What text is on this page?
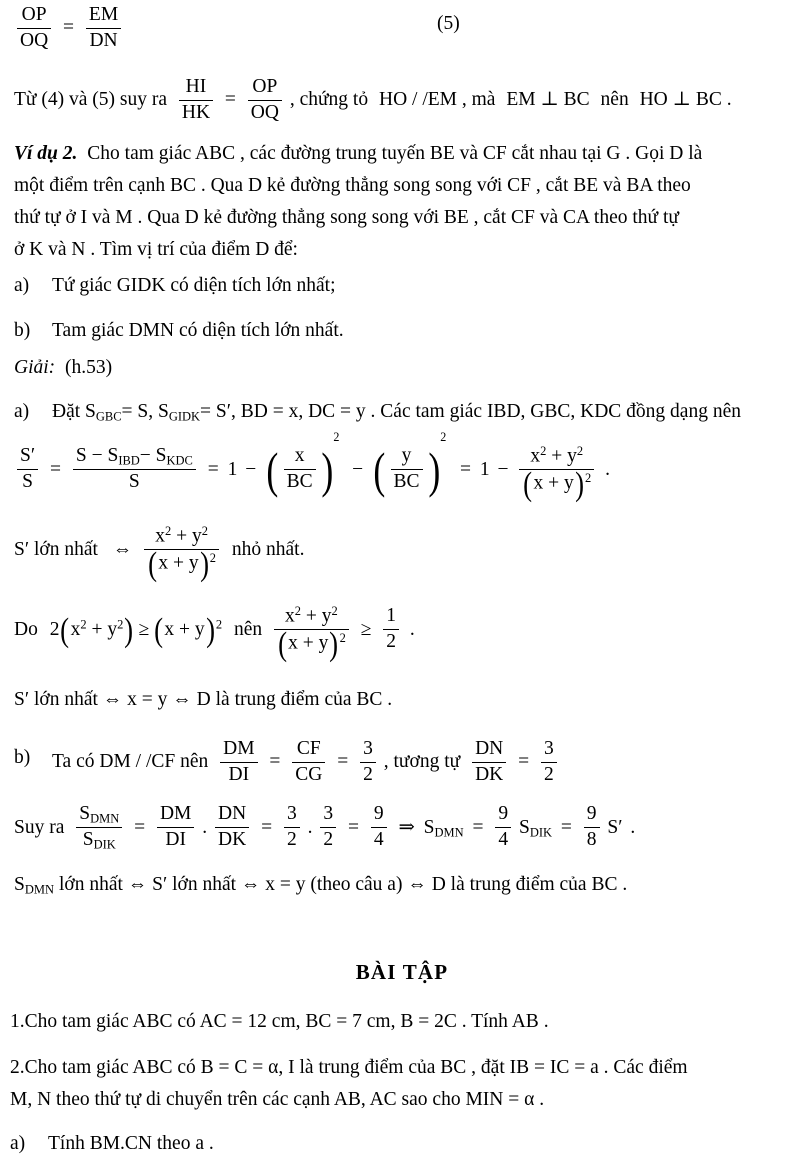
$\frac{OP}{OQ} = \frac{EM}{DN}$	(5)
Từ (4) và (5) suy ra $\frac{HI}{HK} = \frac{OP}{OQ}$ , chứng tỏ HO / /EM , mà EM ⊥ BC nên HO ⊥ BC .
Ví dụ 2. Cho tam giác ABC , các đường trung tuyến BE và CF cắt nhau tại G . Gọi D là
một điểm trên cạnh BC . Qua D kẻ đường thẳng song song với CF , cắt BE và BA theo
thứ tự ở I và M . Qua D kẻ đường thẳng song song với BE , cắt CF và CA theo thứ tự
ở K và N . Tìm vị trí của điểm D để:
a) Tứ giác GIDK có diện tích lớn nhất;
b) Tam giác DMN có diện tích lớn nhất.
Giải: (h.53)
a) Đặt $S_{GBC}= S$, $S_{GIDK}= S'$, BD = x, DC = y . Các tam giác IBD, GBC, KDC đồng dạng nên
$\frac{S'}{S} = \frac{S - S_{IBD}- S_{KDC}}{S} = 1$ − ( $\frac{x}{BC}$ )
2
− ( $\frac{y}{BC}$ )
2
= $1 - \frac{x^2 + y^2}{(x + y)^2}$ .
S′ lớn nhất ⇔ $\frac{x^2 + y^2}{(x + y)^2}$ nhỏ nhất.
Do $2(x^2 + y^2) \ge (x + y)^2$ nên $\frac{x^2 + y^2}{(x + y)^2} \ge \frac{1}{2}$ .
S′ lớn nhất ⇔ x = y ⇔ D là trung điểm của BC .
b) Ta có DM / /CF nên $\frac{DM}{DI} = \frac{CF}{CG} = \frac{3}{2}$ , tương tự $\frac{DN}{DK} = \frac{3}{2}$
Suy ra $\frac{S_{DMN}}{S_{DIK}} = \frac{DM}{DI}$ . $\frac{DN}{DK} = \frac{3}{2}$ . $\frac{3}{2} = \frac{9}{4}$ ⇒ $S_{DMN} = \frac{9}{4} S_{DIK} = \frac{9}{8} S'$ .
$S_{DMN}$ lớn nhất ⇔ S′ lớn nhất ⇔ x = y (theo câu a) ⇔ D là trung điểm của BC .
BÀI TẬP
1.Cho tam giác ABC có AC = 12 cm, BC = 7 cm, B = 2C . Tính AB .
2.Cho tam giác ABC có B = C = α, I là trung điểm của BC , đặt IB = IC = a . Các điểm
M, N theo thứ tự di chuyển trên các cạnh AB, AC sao cho MIN = α .
a) Tính BM.CN theo a .
